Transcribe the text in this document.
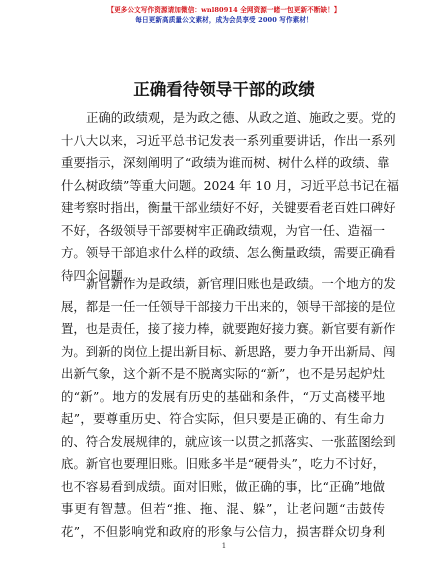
【更多公文写作资源请加微信：wnl80914 全网资源一睹一包更新不断缺！】
每日更新高质量公文素材，成为会员享受 2000 写作素材！
正确看待领导干部的政绩
正确的政绩观，是为政之德、从政之道、施政之要。党的
十八大以来，习近平总书记发表一系列重要讲话，作出一系列
重要指示，深刻阐明了“政绩为谁而树、树什么样的政绩、靠
什么树政绩”等重大问题。2024 年 10 月，习近平总书记在福
建考察时指出，衡量干部业绩好不好，关键要看老百姓口碑好
不好，各级领导干部要树牢正确政绩观，为官一任、造福一
方。领导干部追求什么样的政绩、怎么衡量政绩，需要正确看
待四个问题。
新官新作为是政绩，新官理旧账也是政绩。一个地方的发
展，都是一任一任领导干部接力干出来的，领导干部接的是位
置，也是责任，接了接力棒，就要跑好接力赛。新官要有新作
为。到新的岗位上提出新目标、新思路，要力争开出新局、闯
出新气象，这个新不是不脱离实际的“新”，也不是另起炉灶
的“新”。地方的发展有历史的基础和条件，“万丈高楼平地
起”，要尊重历史、符合实际，但只要是正确的、有生命力
的、符合发展规律的，就应该一以贯之抓落实、一张蓝图绘到
底。新官也要理旧账。旧账多半是“硬骨头”，吃力不讨好，
也不容易看到成绩。面对旧账，做正确的事，比“正确”地做
事更有智慧。但若“推、拖、混、躲”，让老问题“击鼓传
花”，不但影响党和政府的形象与公信力，损害群众切身利
1
